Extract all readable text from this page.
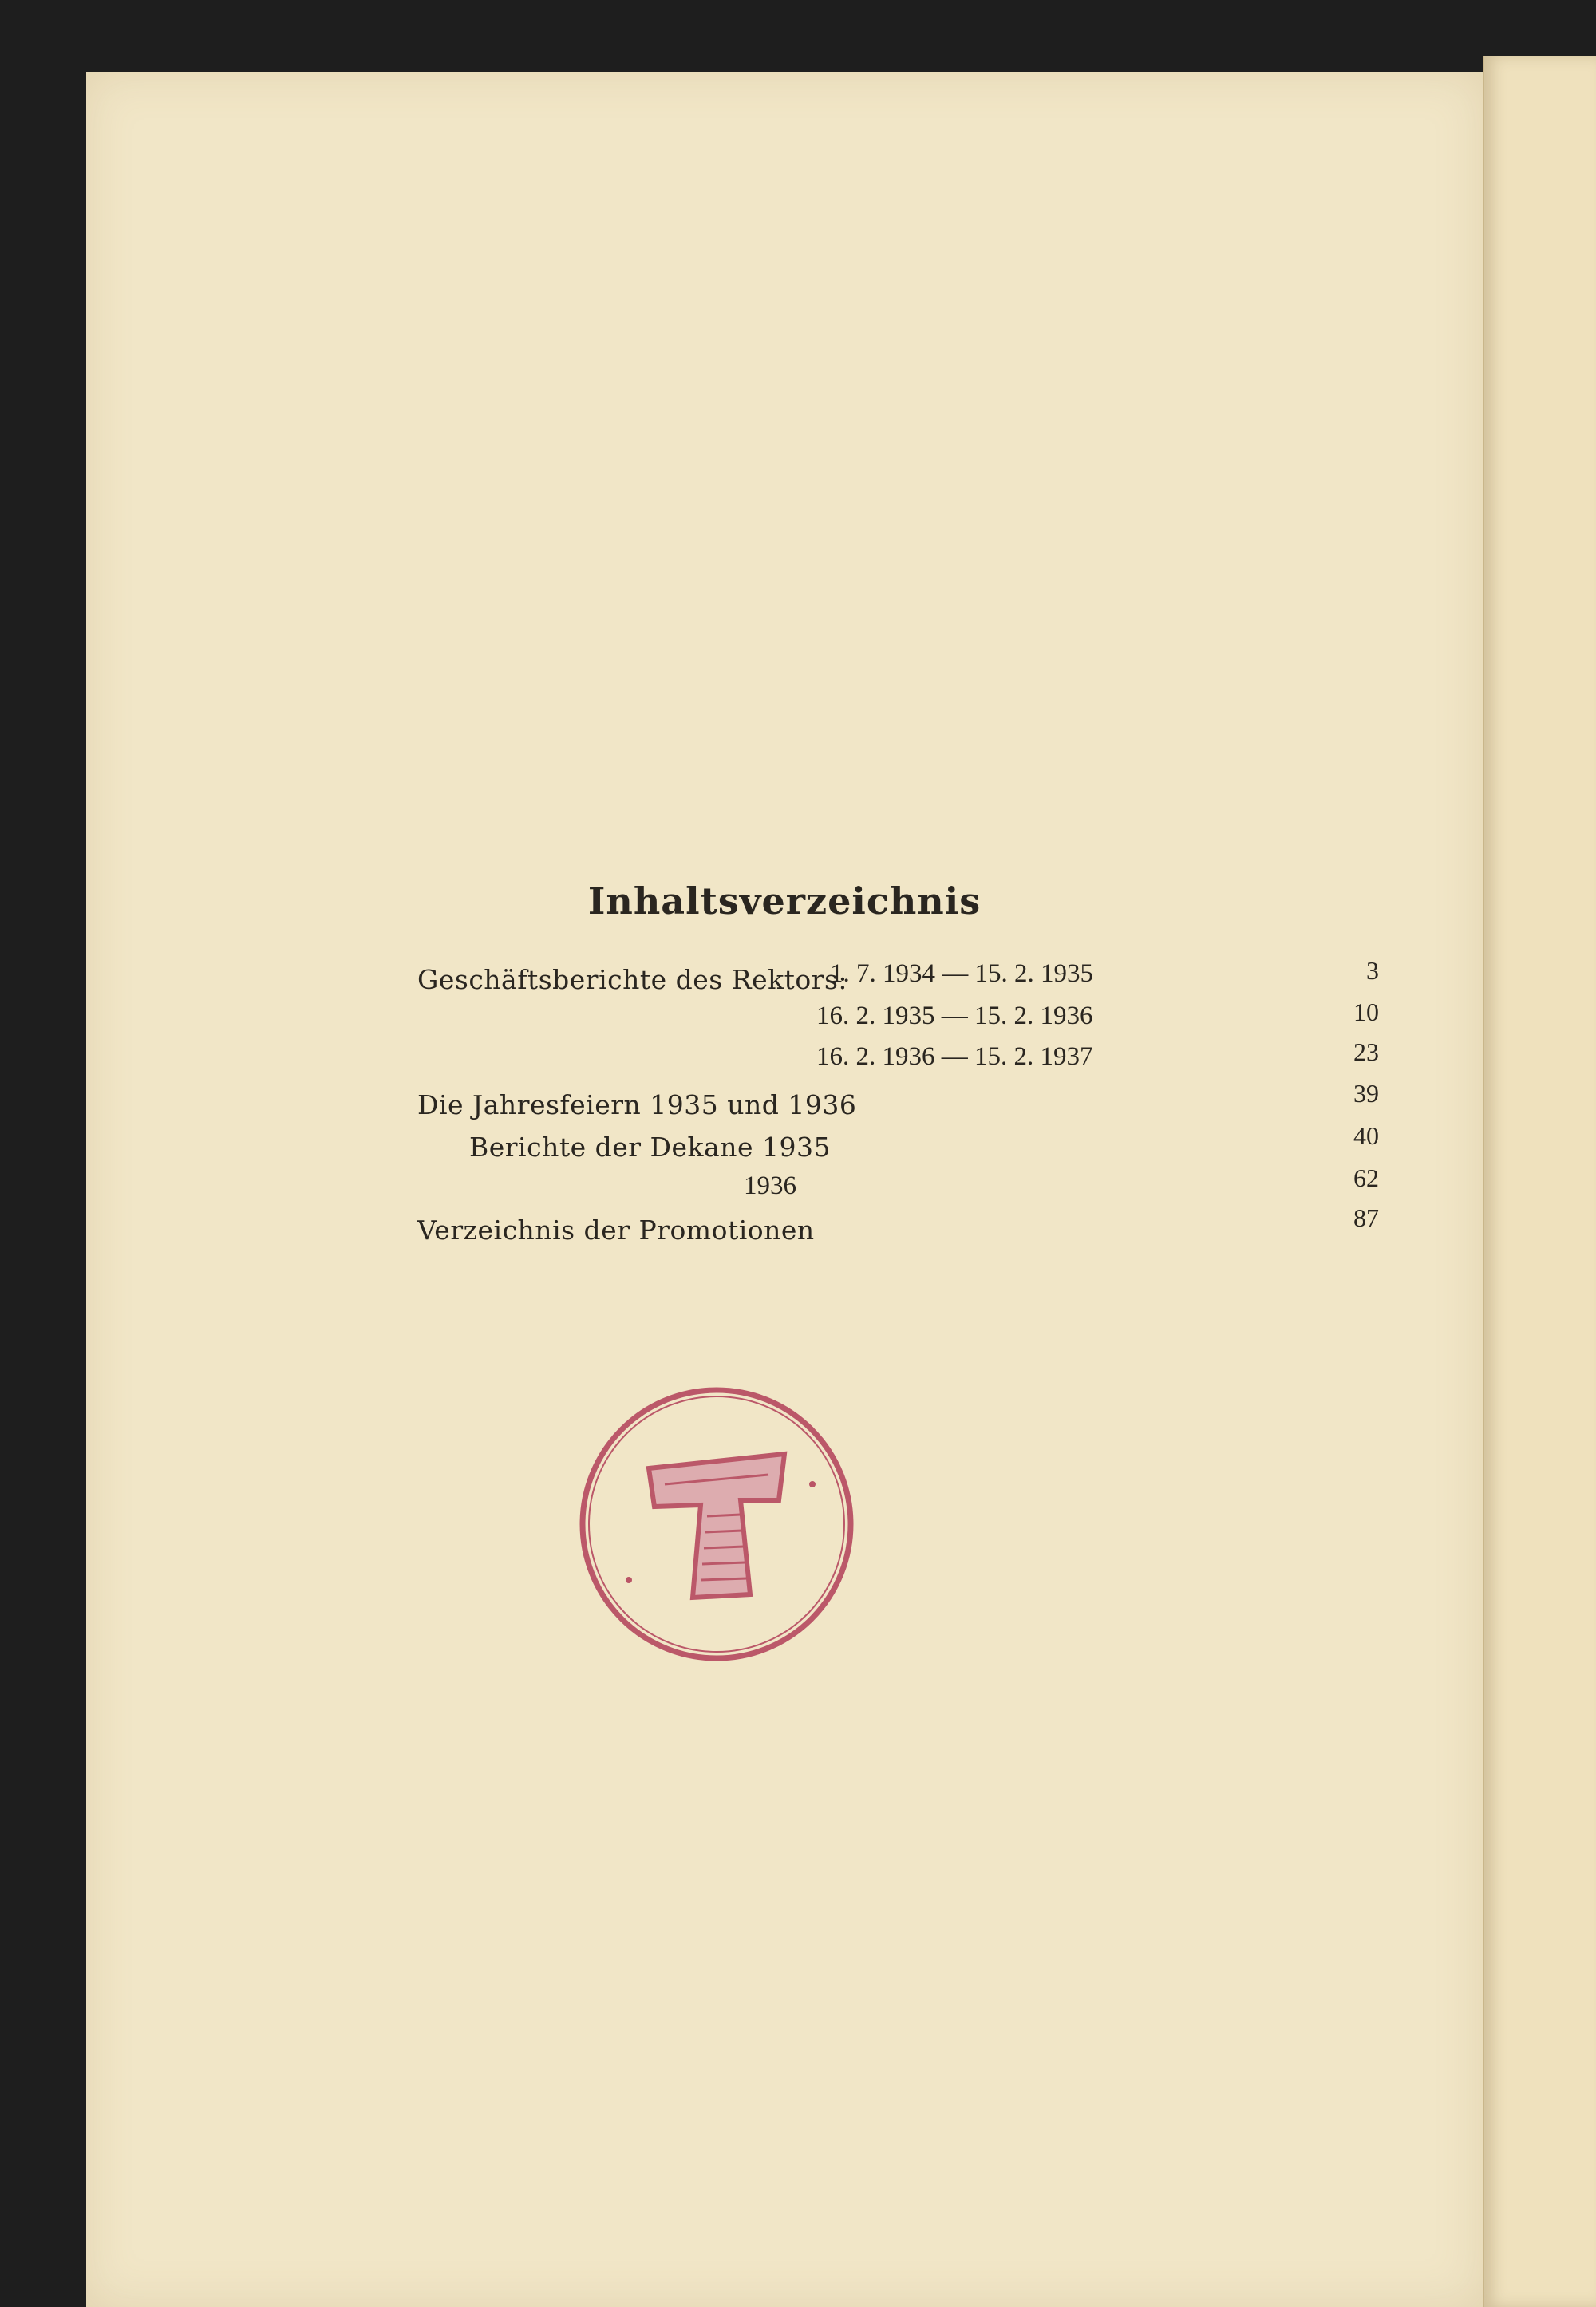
Inhaltsverzeichnis
Geschäftsberichte des Rektors:
1. 7. 1934 — 15. 2. 1935	3
16. 2. 1935 — 15. 2. 1936	10
16. 2. 1936 — 15. 2. 1937	23
Die Jahresfeiern 1935 und 1936	39
Berichte der Dekane 1935	40
1936	62
Verzeichnis der Promotionen	87
